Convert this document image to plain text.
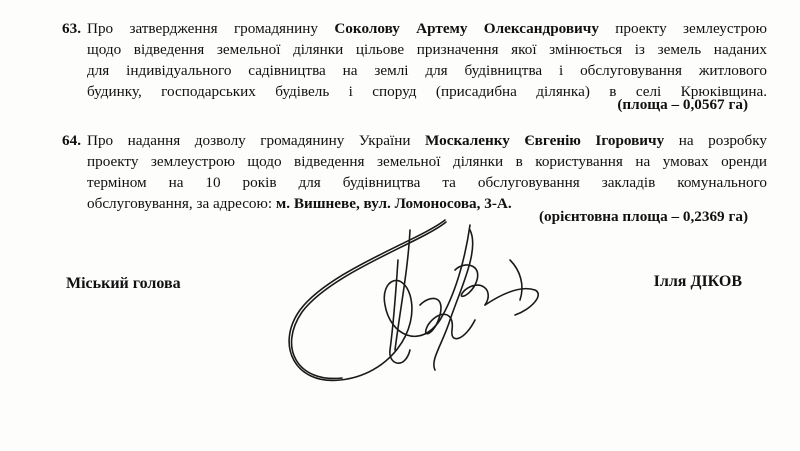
63. Про затвердження громадянину Соколову Артему Олександровичу проекту землеустрою
щодо відведення земельної ділянки цільове призначення якої змінюється із земель наданих
для індивідуального садівництва на землі для будівництва і обслуговування житлового
будинку, господарських будівель і споруд (присадибна ділянка) в селі Крюківщина.
(площа – 0,0567 га)
64. Про надання дозволу громадянину України Москаленку Євгенію Ігоровичу на розробку
проекту землеустрою щодо відведення земельної ділянки в користування на умовах оренди
терміном на 10 років для будівництва та обслуговування закладів комунального
обслуговування, за адресою: м. Вишневе, вул. Ломоносова, 3-А.
(орієнтовна площа – 0,2369 га)
Міський голова	Ілля ДІКОВ
